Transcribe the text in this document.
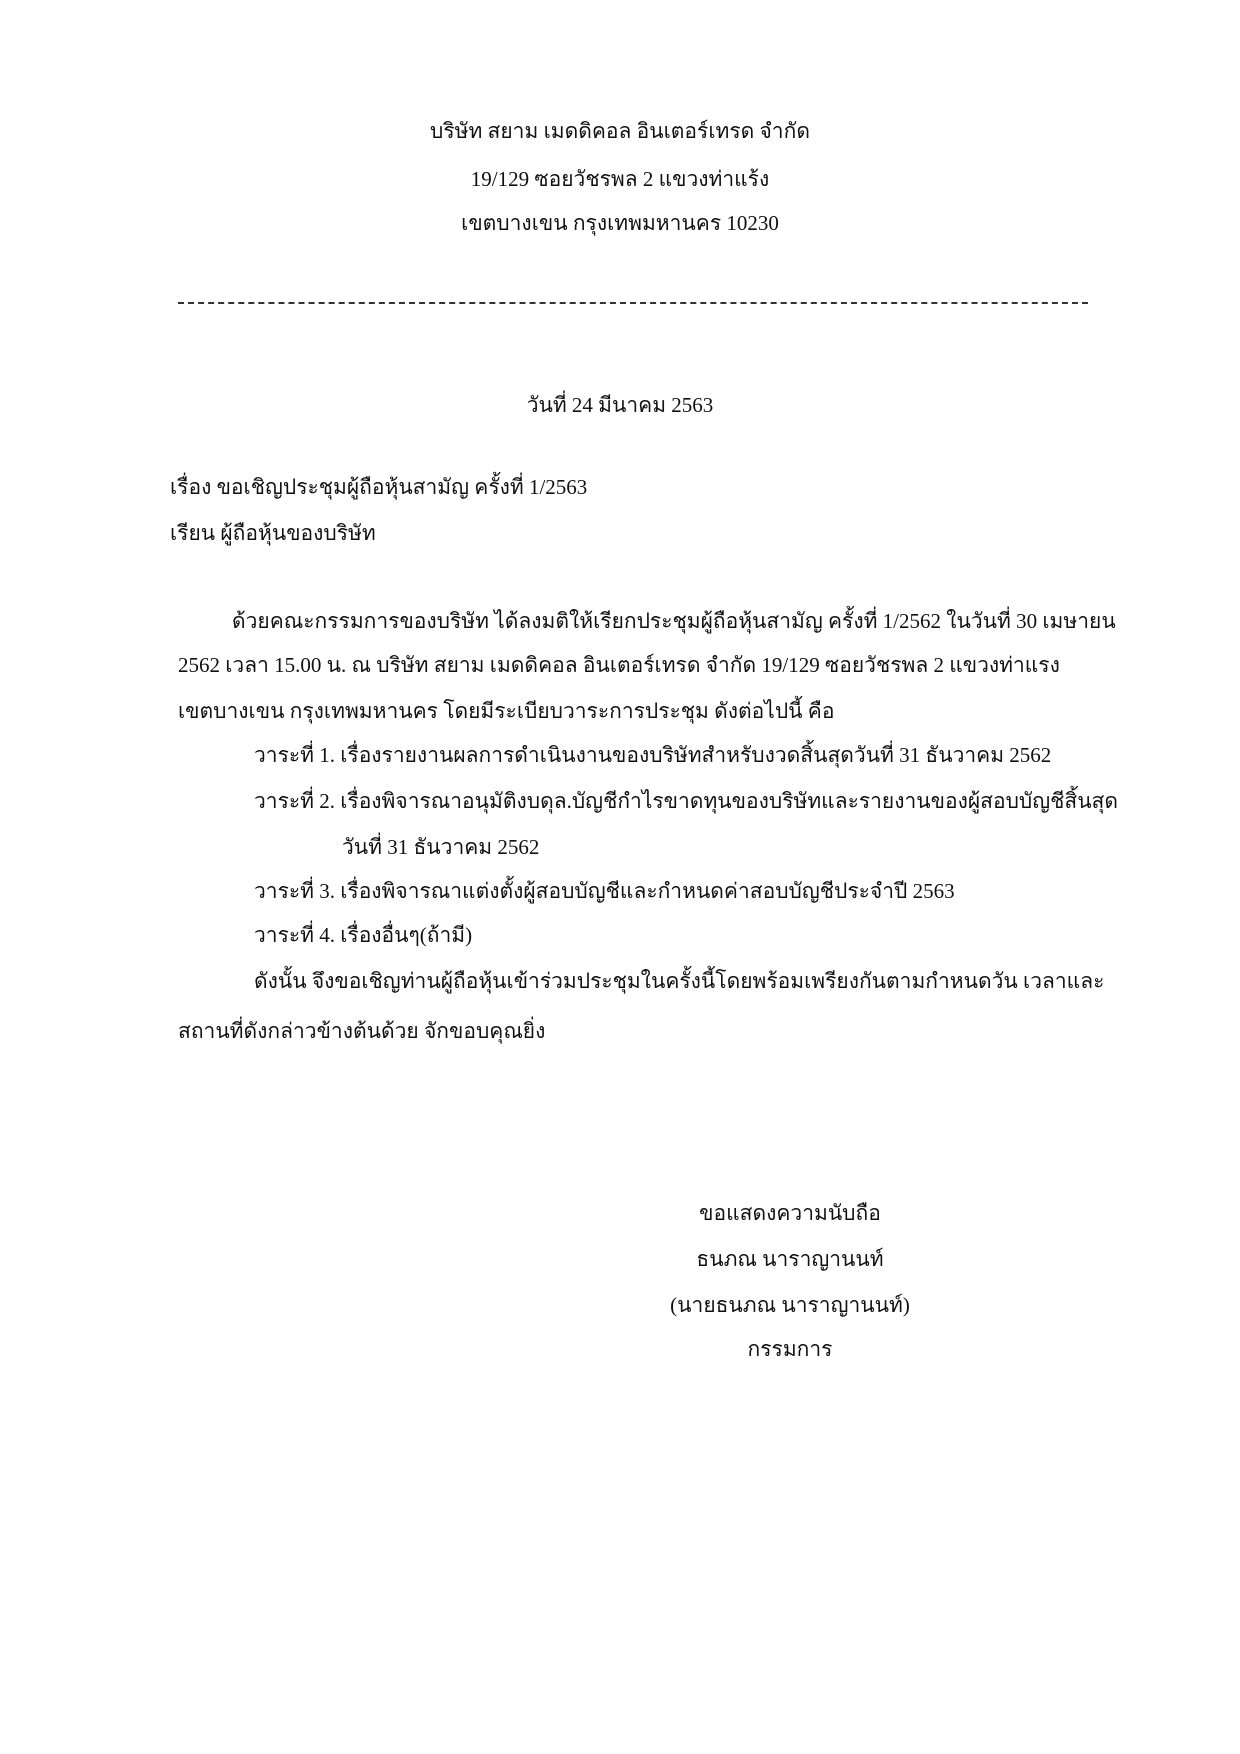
บริษัท สยาม เมดดิคอล อินเตอร์เทรด จำกัด
19/129 ซอยวัชรพล 2 แขวงท่าแร้ง
เขตบางเขน กรุงเทพมหานคร 10230
วันที่ 24 มีนาคม 2563
เรื่อง ขอเชิญประชุมผู้ถือหุ้นสามัญ ครั้งที่ 1/2563
เรียน ผู้ถือหุ้นของบริษัท
ด้วยคณะกรรมการของบริษัท ได้ลงมติให้เรียกประชุมผู้ถือหุ้นสามัญ ครั้งที่ 1/2562 ในวันที่ 30 เมษายน
2562 เวลา 15.00 น. ณ บริษัท สยาม เมดดิคอล อินเตอร์เทรด จำกัด 19/129 ซอยวัชรพล 2 แขวงท่าแรง
เขตบางเขน กรุงเทพมหานคร โดยมีระเบียบวาระการประชุม ดังต่อไปนี้ คือ
วาระที่ 1. เรื่องรายงานผลการดำเนินงานของบริษัทสำหรับงวดสิ้นสุดวันที่ 31 ธันวาคม 2562
วาระที่ 2. เรื่องพิจารณาอนุมัติงบดุล.บัญชีกำไรขาดทุนของบริษัทและรายงานของผู้สอบบัญชีสิ้นสุด
วันที่ 31 ธันวาคม 2562
วาระที่ 3. เรื่องพิจารณาแต่งตั้งผู้สอบบัญชีและกำหนดค่าสอบบัญชีประจำปี 2563
วาระที่ 4. เรื่องอื่นๆ(ถ้ามี)
ดังนั้น จึงขอเชิญท่านผู้ถือหุ้นเข้าร่วมประชุมในครั้งนี้โดยพร้อมเพรียงกันตามกำหนดวัน เวลาและ
สถานที่ดังกล่าวข้างต้นด้วย จักขอบคุณยิ่ง
ขอแสดงความนับถือ
ธนภณ นาราญานนท์
(นายธนภณ นาราญานนท์)
กรรมการ
